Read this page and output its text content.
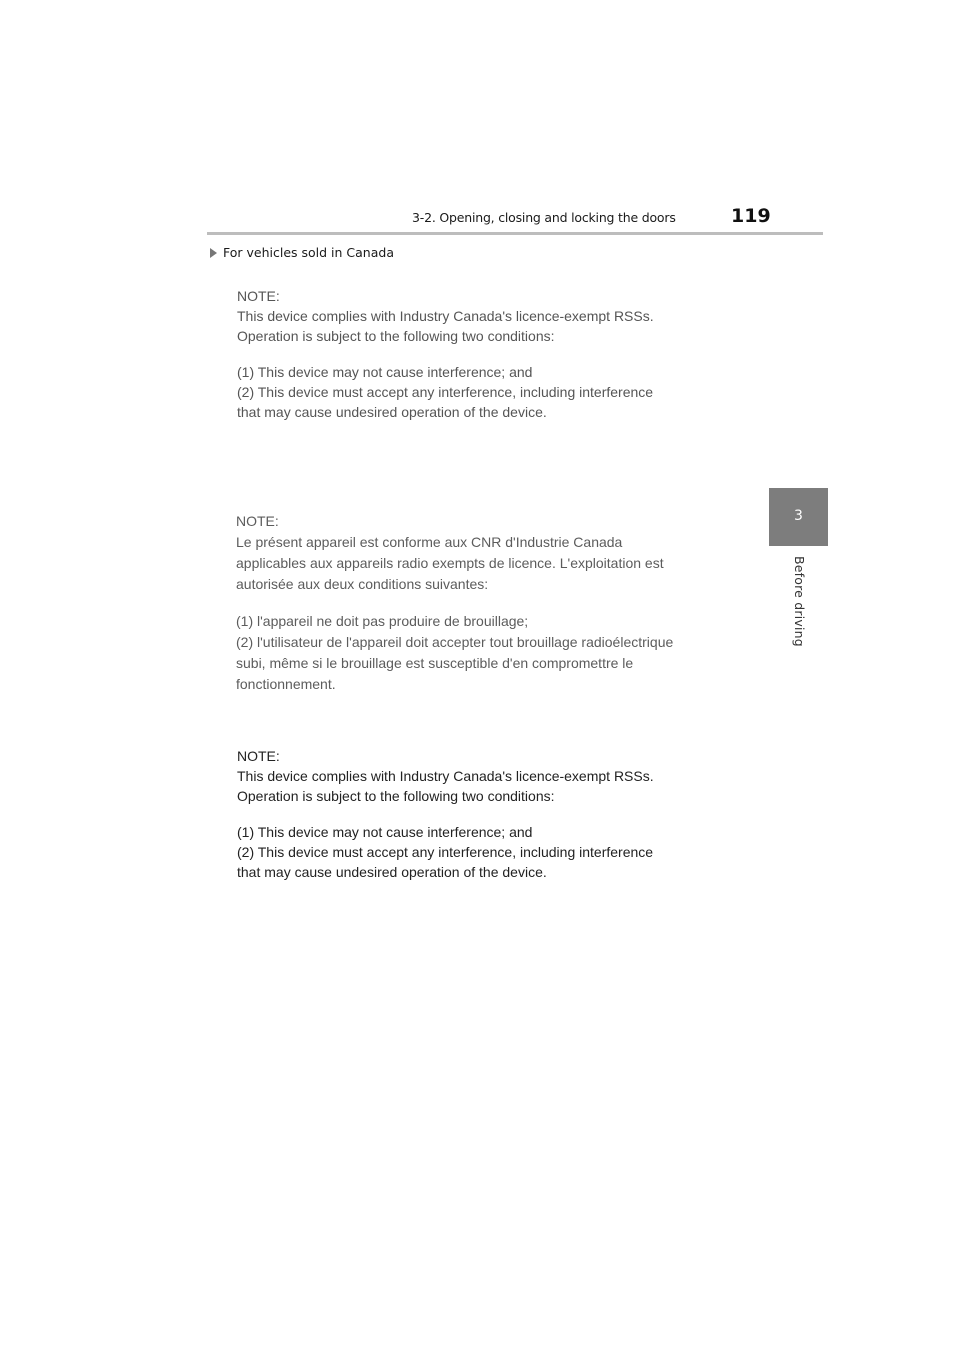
3-2. Opening, closing and locking the doors	119
For vehicles sold in Canada
3
Before driving

NOTE:

This device complies with Industry Canada's licence-exempt RSSs.

Operation is subject to the following two conditions:

(1) This device may not cause interference; and

(2) This device must accept any interference, including interference

that may cause undesired operation of the device.

NOTE:

Le présent appareil est conforme aux CNR d'Industrie Canada

applicables aux appareils radio exempts de licence. L'exploitation est

autorisée aux deux conditions suivantes:

(1) l'appareil ne doit pas produire de brouillage;

(2) l'utilisateur de l'appareil doit accepter tout brouillage radioélectrique

subi, même si le brouillage est susceptible d'en compromettre le

fonctionnement.

NOTE:

This device complies with Industry Canada's licence-exempt RSSs.

Operation is subject to the following two conditions:

(1) This device may not cause interference; and

(2) This device must accept any interference, including interference

that may cause undesired operation of the device.
